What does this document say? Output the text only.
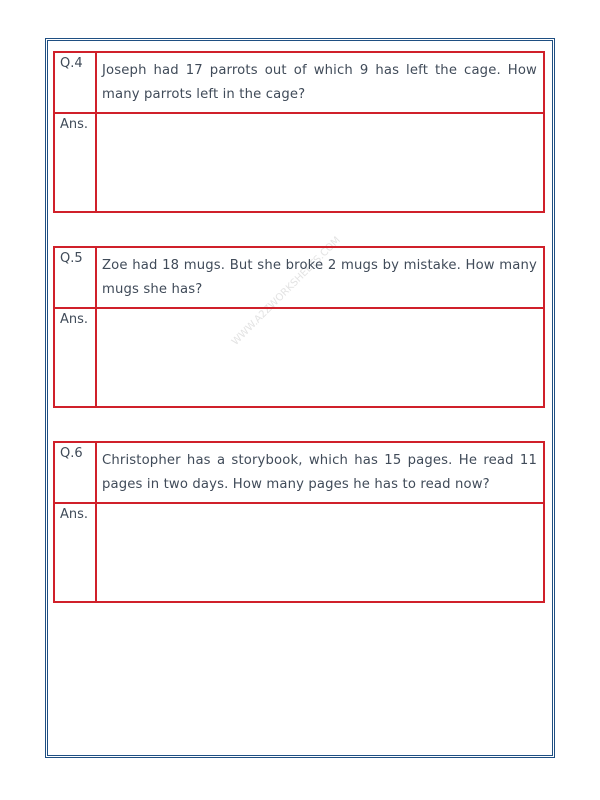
WWW.A2ZWORKSHEETS.COM
Q.4	Joseph had 17 parrots out of which 9 has left the cage. How many parrots left in the cage?
Ans.
Q.5	Zoe had 18 mugs. But she broke 2 mugs by mistake. How many mugs she has?
Ans.
Q.6	Christopher has a storybook, which has 15 pages. He read 11 pages in two days. How many pages he has to read now?
Ans.
